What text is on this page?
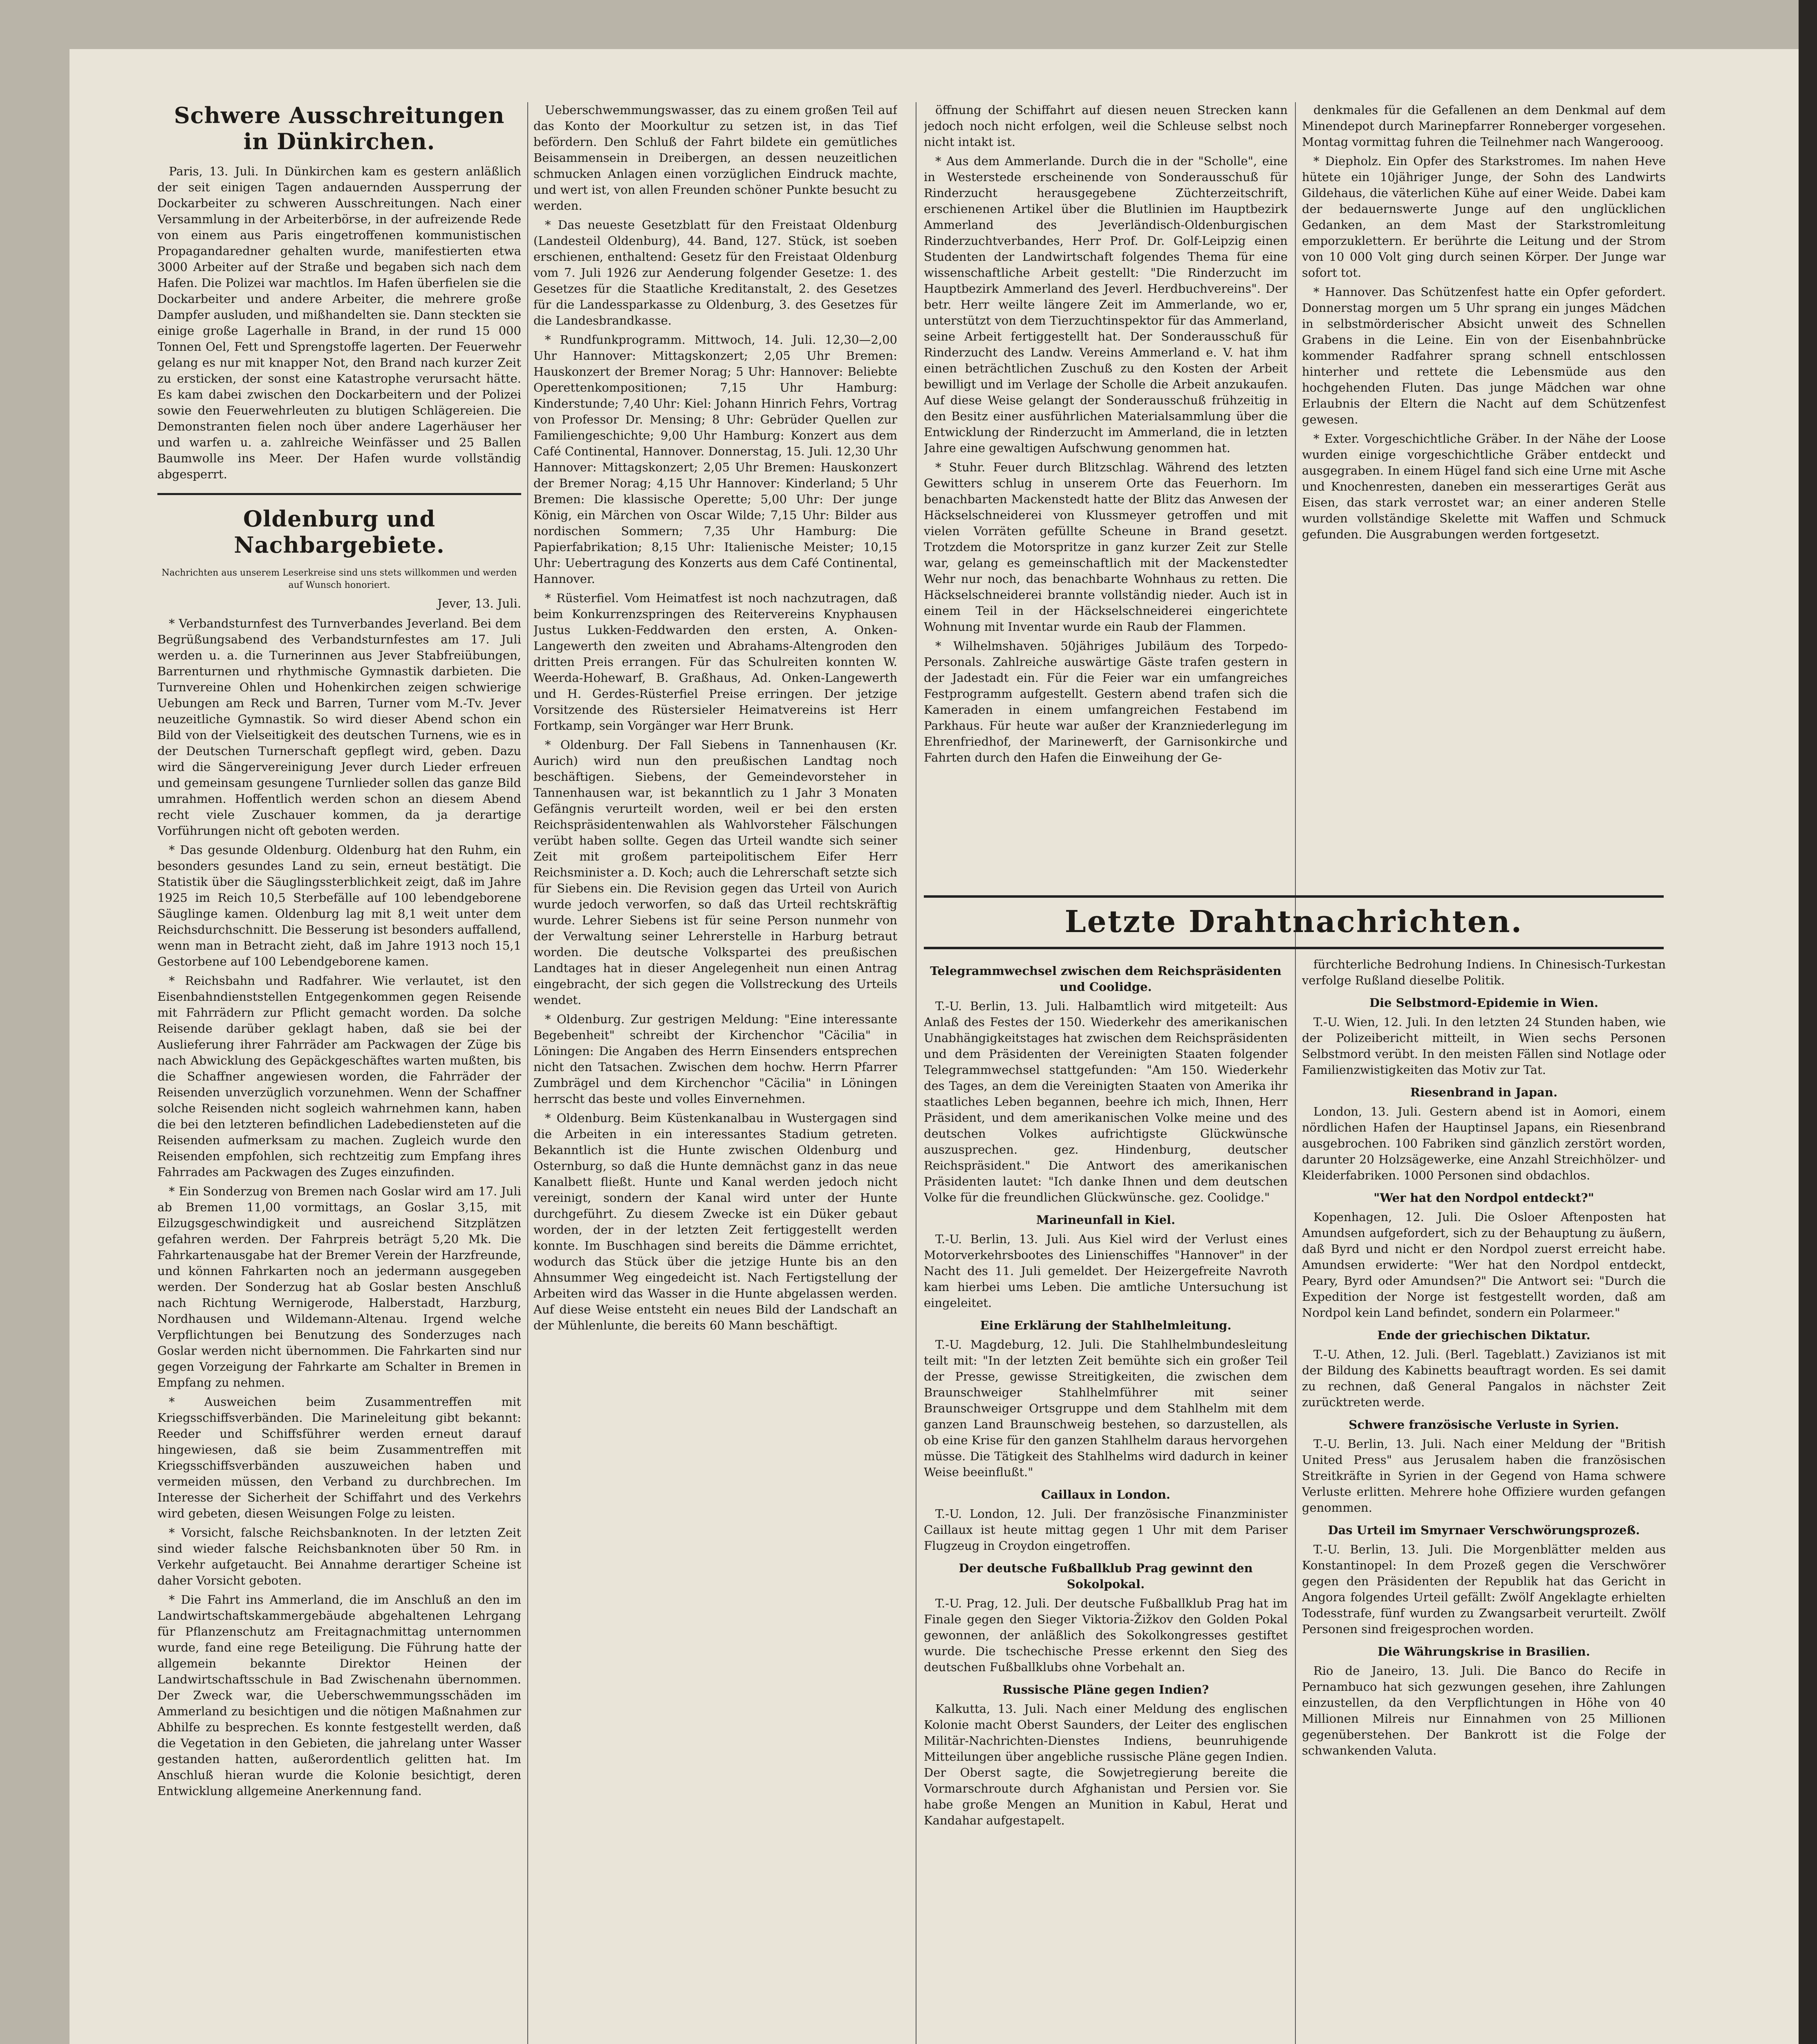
Schwere Ausschreitungen in Dünkirchen.

Paris, 13. Juli. In Dünkirchen kam es gestern anläßlich der seit einigen Tagen andauernden Aussperrung der Dockarbeiter zu schweren Ausschreitungen. Nach einer Versammlung in der Arbeiterbörse, in der aufreizende Rede von einem aus Paris eingetroffenen kommunistischen Propagandaredner gehalten wurde, manifestierten etwa 3000 Arbeiter auf der Straße und begaben sich nach dem Hafen. Die Polizei war machtlos. Im Hafen überfielen sie die Dockarbeiter und andere Arbeiter, die mehrere große Dampfer ausluden, und mißhandelten sie. Dann steckten sie einige große Lagerhalle in Brand, in der rund 15 000 Tonnen Oel, Fett und Sprengstoffe lagerten. Der Feuerwehr gelang es nur mit knapper Not, den Brand nach kurzer Zeit zu ersticken, der sonst eine Katastrophe verursacht hätte. Es kam dabei zwischen den Dockarbeitern und der Polizei sowie den Feuerwehrleuten zu blutigen Schlägereien. Die Demonstranten fielen noch über andere Lagerhäuser her und warfen u. a. zahlreiche Weinfässer und 25 Ballen Baumwolle ins Meer. Der Hafen wurde vollständig abgesperrt.

Oldenburg und Nachbargebiete.
Nachrichten aus unserem Leserkreise sind uns stets willkommen und werden auf Wunsch honoriert.
Jever, 13. Juli.

* Verbandsturnfest des Turnverbandes Jeverland. Bei dem Begrüßungsabend des Verbandsturnfestes am 17. Juli werden u. a. die Turnerinnen aus Jever Stabfreiübungen, Barrenturnen und rhythmische Gymnastik darbieten. Die Turnvereine Ohlen und Hohenkirchen zeigen schwierige Uebungen am Reck und Barren, Turner vom M.-Tv. Jever neuzeitliche Gymnastik. So wird dieser Abend schon ein Bild von der Vielseitigkeit des deutschen Turnens, wie es in der Deutschen Turnerschaft gepflegt wird, geben. Dazu wird die Sängervereinigung Jever durch Lieder erfreuen und gemeinsam gesungene Turnlieder sollen das ganze Bild umrahmen. Hoffentlich werden schon an diesem Abend recht viele Zuschauer kommen, da ja derartige Vorführungen nicht oft geboten werden.

* Das gesunde Oldenburg. Oldenburg hat den Ruhm, ein besonders gesundes Land zu sein, erneut bestätigt. Die Statistik über die Säuglingssterblichkeit zeigt, daß im Jahre 1925 im Reich 10,5 Sterbefälle auf 100 lebendgeborene Säuglinge kamen. Oldenburg lag mit 8,1 weit unter dem Reichsdurchschnitt. Die Besserung ist besonders auffallend, wenn man in Betracht zieht, daß im Jahre 1913 noch 15,1 Gestorbene auf 100 Lebendgeborene kamen.

* Reichsbahn und Radfahrer. Wie verlautet, ist den Eisenbahndienststellen Entgegenkommen gegen Reisende mit Fahrrädern zur Pflicht gemacht worden. Da solche Reisende darüber geklagt haben, daß sie bei der Auslieferung ihrer Fahrräder am Packwagen der Züge bis nach Abwicklung des Gepäckgeschäftes warten mußten, bis die Schaffner angewiesen worden, die Fahrräder der Reisenden unverzüglich vorzunehmen. Wenn der Schaffner solche Reisenden nicht sogleich wahrnehmen kann, haben die bei den letzteren befindlichen Ladebediensteten auf die Reisenden aufmerksam zu machen. Zugleich wurde den Reisenden empfohlen, sich rechtzeitig zum Empfang ihres Fahrrades am Packwagen des Zuges einzufinden.

* Ein Sonderzug von Bremen nach Goslar wird am 17. Juli ab Bremen 11,00 vormittags, an Goslar 3,15, mit Eilzugsgeschwindigkeit und ausreichend Sitzplätzen gefahren werden. Der Fahrpreis beträgt 5,20 Mk. Die Fahrkartenausgabe hat der Bremer Verein der Harzfreunde, und können Fahrkarten noch an jedermann ausgegeben werden. Der Sonderzug hat ab Goslar besten Anschluß nach Richtung Wernigerode, Halberstadt, Harzburg, Nordhausen und Wildemann-Altenau. Irgend welche Verpflichtungen bei Benutzung des Sonderzuges nach Goslar werden nicht übernommen. Die Fahrkarten sind nur gegen Vorzeigung der Fahrkarte am Schalter in Bremen in Empfang zu nehmen.

* Ausweichen beim Zusammentreffen mit Kriegsschiffsverbänden. Die Marineleitung gibt bekannt: Reeder und Schiffsführer werden erneut darauf hingewiesen, daß sie beim Zusammentreffen mit Kriegsschiffsverbänden auszuweichen haben und vermeiden müssen, den Verband zu durchbrechen. Im Interesse der Sicherheit der Schiffahrt und des Verkehrs wird gebeten, diesen Weisungen Folge zu leisten.

* Vorsicht, falsche Reichsbanknoten. In der letzten Zeit sind wieder falsche Reichsbanknoten über 50 Rm. in Verkehr aufgetaucht. Bei Annahme derartiger Scheine ist daher Vorsicht geboten.

* Die Fahrt ins Ammerland, die im Anschluß an den im Landwirtschaftskammergebäude abgehaltenen Lehrgang für Pflanzenschutz am Freitagnachmittag unternommen wurde, fand eine rege Beteiligung. Die Führung hatte der allgemein bekannte Direktor Heinen der Landwirtschaftsschule in Bad Zwischenahn übernommen. Der Zweck war, die Ueberschwemmungsschäden im Ammerland zu besichtigen und die nötigen Maßnahmen zur Abhilfe zu besprechen. Es konnte festgestellt werden, daß die Vegetation in den Gebieten, die jahrelang unter Wasser gestanden hatten, außerordentlich gelitten hat. Im Anschluß hieran wurde die Kolonie besichtigt, deren Entwicklung allgemeine Anerkennung fand.

Ueberschwemmungswasser, das zu einem großen Teil auf das Konto der Moorkultur zu setzen ist, in das Tief befördern. Den Schluß der Fahrt bildete ein gemütliches Beisammensein in Dreibergen, an dessen neuzeitlichen schmucken Anlagen einen vorzüglichen Eindruck machte, und wert ist, von allen Freunden schöner Punkte besucht zu werden.

* Das neueste Gesetzblatt für den Freistaat Oldenburg (Landesteil Oldenburg), 44. Band, 127. Stück, ist soeben erschienen, enthaltend: Gesetz für den Freistaat Oldenburg vom 7. Juli 1926 zur Aenderung folgender Gesetze: 1. des Gesetzes für die Staatliche Kreditanstalt, 2. des Gesetzes für die Landessparkasse zu Oldenburg, 3. des Gesetzes für die Landesbrandkasse.

* Rundfunkprogramm. Mittwoch, 14. Juli. 12,30—2,00 Uhr Hannover: Mittagskonzert; 2,05 Uhr Bremen: Hauskonzert der Bremer Norag; 5 Uhr: Hannover: Beliebte Operettenkompositionen; 7,15 Uhr Hamburg: Kinderstunde; 7,40 Uhr: Kiel: Johann Hinrich Fehrs, Vortrag von Professor Dr. Mensing; 8 Uhr: Gebrüder Quellen zur Familiengeschichte; 9,00 Uhr Hamburg: Konzert aus dem Café Continental, Hannover. Donnerstag, 15. Juli. 12,30 Uhr Hannover: Mittagskonzert; 2,05 Uhr Bremen: Hauskonzert der Bremer Norag; 4,15 Uhr Hannover: Kinderland; 5 Uhr Bremen: Die klassische Operette; 5,00 Uhr: Der junge König, ein Märchen von Oscar Wilde; 7,15 Uhr: Bilder aus nordischen Sommern; 7,35 Uhr Hamburg: Die Papierfabrikation; 8,15 Uhr: Italienische Meister; 10,15 Uhr: Uebertragung des Konzerts aus dem Café Continental, Hannover.

* Rüsterfiel. Vom Heimatfest ist noch nachzutragen, daß beim Konkurrenzspringen des Reitervereins Knyphausen Justus Lukken-Feddwarden den ersten, A. Onken-Langewerth den zweiten und Abrahams-Altengroden den dritten Preis errangen. Für das Schulreiten konnten W. Weerda-Hohewarf, B. Graßhaus, Ad. Onken-Langewerth und H. Gerdes-Rüsterfiel Preise erringen. Der jetzige Vorsitzende des Rüstersieler Heimatvereins ist Herr Fortkamp, sein Vorgänger war Herr Brunk.

* Oldenburg. Der Fall Siebens in Tannenhausen (Kr. Aurich) wird nun den preußischen Landtag noch beschäftigen. Siebens, der Gemeindevorsteher in Tannenhausen war, ist bekanntlich zu 1 Jahr 3 Monaten Gefängnis verurteilt worden, weil er bei den ersten Reichspräsidentenwahlen als Wahlvorsteher Fälschungen verübt haben sollte. Gegen das Urteil wandte sich seiner Zeit mit großem parteipolitischem Eifer Herr Reichsminister a. D. Koch; auch die Lehrerschaft setzte sich für Siebens ein. Die Revision gegen das Urteil von Aurich wurde jedoch verworfen, so daß das Urteil rechtskräftig wurde. Lehrer Siebens ist für seine Person nunmehr von der Verwaltung seiner Lehrerstelle in Harburg betraut worden. Die deutsche Volkspartei des preußischen Landtages hat in dieser Angelegenheit nun einen Antrag eingebracht, der sich gegen die Vollstreckung des Urteils wendet.

* Oldenburg. Zur gestrigen Meldung: "Eine interessante Begebenheit" schreibt der Kirchenchor "Cäcilia" in Löningen: Die Angaben des Herrn Einsenders entsprechen nicht den Tatsachen. Zwischen dem hochw. Herrn Pfarrer Zumbrägel und dem Kirchenchor "Cäcilia" in Löningen herrscht das beste und volles Einvernehmen.

* Oldenburg. Beim Küstenkanalbau in Wustergagen sind die Arbeiten in ein interessantes Stadium getreten. Bekanntlich ist die Hunte zwischen Oldenburg und Osternburg, so daß die Hunte demnächst ganz in das neue Kanalbett fließt. Hunte und Kanal werden jedoch nicht vereinigt, sondern der Kanal wird unter der Hunte durchgeführt. Zu diesem Zwecke ist ein Düker gebaut worden, der in der letzten Zeit fertiggestellt werden konnte. Im Buschhagen sind bereits die Dämme errichtet, wodurch das Stück über die jetzige Hunte bis an den Ahnsummer Weg eingedeicht ist. Nach Fertigstellung der Arbeiten wird das Wasser in die Hunte abgelassen werden. Auf diese Weise entsteht ein neues Bild der Landschaft an der Mühlenlunte, die bereits 60 Mann beschäftigt.

öffnung der Schiffahrt auf diesen neuen Strecken kann jedoch noch nicht erfolgen, weil die Schleuse selbst noch nicht intakt ist.

* Aus dem Ammerlande. Durch die in der "Scholle", eine in Westerstede erscheinende von Sonderausschuß für Rinderzucht herausgegebene Züchterzeitschrift, erschienenen Artikel über die Blutlinien im Hauptbezirk Ammerland des Jeverländisch-Oldenburgischen Rinderzuchtverbandes, Herr Prof. Dr. Golf-Leipzig einen Studenten der Landwirtschaft folgendes Thema für eine wissenschaftliche Arbeit gestellt: "Die Rinderzucht im Hauptbezirk Ammerland des Jeverl. Herdbuchvereins". Der betr. Herr weilte längere Zeit im Ammerlande, wo er, unterstützt von dem Tierzuchtinspektor für das Ammerland, seine Arbeit fertiggestellt hat. Der Sonderausschuß für Rinderzucht des Landw. Vereins Ammerland e. V. hat ihm einen beträchtlichen Zuschuß zu den Kosten der Arbeit bewilligt und im Verlage der Scholle die Arbeit anzukaufen. Auf diese Weise gelangt der Sonderausschuß frühzeitig in den Besitz einer ausführlichen Materialsammlung über die Entwicklung der Rinderzucht im Ammerland, die in letzten Jahre eine gewaltigen Aufschwung genommen hat.

* Stuhr. Feuer durch Blitzschlag. Während des letzten Gewitters schlug in unserem Orte das Feuerhorn. Im benachbarten Mackenstedt hatte der Blitz das Anwesen der Häckselschneiderei von Klussmeyer getroffen und mit vielen Vorräten gefüllte Scheune in Brand gesetzt. Trotzdem die Motorspritze in ganz kurzer Zeit zur Stelle war, gelang es gemeinschaftlich mit der Mackenstedter Wehr nur noch, das benachbarte Wohnhaus zu retten. Die Häckselschneiderei brannte vollständig nieder. Auch ist in einem Teil in der Häckselschneiderei eingerichtete Wohnung mit Inventar wurde ein Raub der Flammen.

* Wilhelmshaven. 50jähriges Jubiläum des Torpedo-Personals. Zahlreiche auswärtige Gäste trafen gestern in der Jadestadt ein. Für die Feier war ein umfangreiches Festprogramm aufgestellt. Gestern abend trafen sich die Kameraden in einem umfangreichen Festabend im Parkhaus. Für heute war außer der Kranzniederlegung im Ehrenfriedhof, der Marinewerft, der Garnisonkirche und Fahrten durch den Hafen die Einweihung der Ge-

denkmales für die Gefallenen an dem Denkmal auf dem Minendepot durch Marinepfarrer Ronneberger vorgesehen. Montag vormittag fuhren die Teilnehmer nach Wangerooog.

* Diepholz. Ein Opfer des Starkstromes. Im nahen Heve hütete ein 10jähriger Junge, der Sohn des Landwirts Gildehaus, die väterlichen Kühe auf einer Weide. Dabei kam der bedauernswerte Junge auf den unglücklichen Gedanken, an dem Mast der Starkstromleitung emporzuklettern. Er berührte die Leitung und der Strom von 10 000 Volt ging durch seinen Körper. Der Junge war sofort tot.

* Hannover. Das Schützenfest hatte ein Opfer gefordert. Donnerstag morgen um 5 Uhr sprang ein junges Mädchen in selbstmörderischer Absicht unweit des Schnellen Grabens in die Leine. Ein von der Eisenbahnbrücke kommender Radfahrer sprang schnell entschlossen hinterher und rettete die Lebensmüde aus den hochgehenden Fluten. Das junge Mädchen war ohne Erlaubnis der Eltern die Nacht auf dem Schützenfest gewesen.

* Exter. Vorgeschichtliche Gräber. In der Nähe der Loose wurden einige vorgeschichtliche Gräber entdeckt und ausgegraben. In einem Hügel fand sich eine Urne mit Asche und Knochenresten, daneben ein messerartiges Gerät aus Eisen, das stark verrostet war; an einer anderen Stelle wurden vollständige Skelette mit Waffen und Schmuck gefunden. Die Ausgrabungen werden fortgesetzt.

Letzte Drahtnachrichten.
Telegrammwechsel zwischen dem Reichspräsidenten und Coolidge.

T.-U. Berlin, 13. Juli. Halbamtlich wird mitgeteilt: Aus Anlaß des Festes der 150. Wiederkehr des amerikanischen Unabhängigkeitstages hat zwischen dem Reichspräsidenten und dem Präsidenten der Vereinigten Staaten folgender Telegrammwechsel stattgefunden: "Am 150. Wiederkehr des Tages, an dem die Vereinigten Staaten von Amerika ihr staatliches Leben begannen, beehre ich mich, Ihnen, Herr Präsident, und dem amerikanischen Volke meine und des deutschen Volkes aufrichtigste Glückwünsche auszusprechen. gez. Hindenburg, deutscher Reichspräsident." Die Antwort des amerikanischen Präsidenten lautet: "Ich danke Ihnen und dem deutschen Volke für die freundlichen Glückwünsche. gez. Coolidge."

Marineunfall in Kiel.

T.-U. Berlin, 13. Juli. Aus Kiel wird der Verlust eines Motorverkehrsbootes des Linienschiffes "Hannover" in der Nacht des 11. Juli gemeldet. Der Heizergefreite Navroth kam hierbei ums Leben. Die amtliche Untersuchung ist eingeleitet.

Eine Erklärung der Stahlhelmleitung.

T.-U. Magdeburg, 12. Juli. Die Stahlhelmbundesleitung teilt mit: "In der letzten Zeit bemühte sich ein großer Teil der Presse, gewisse Streitigkeiten, die zwischen dem Braunschweiger Stahlhelmführer mit seiner Braunschweiger Ortsgruppe und dem Stahlhelm mit dem ganzen Land Braunschweig bestehen, so darzustellen, als ob eine Krise für den ganzen Stahlhelm daraus hervorgehen müsse. Die Tätigkeit des Stahlhelms wird dadurch in keiner Weise beeinflußt."

Caillaux in London.

T.-U. London, 12. Juli. Der französische Finanzminister Caillaux ist heute mittag gegen 1 Uhr mit dem Pariser Flugzeug in Croydon eingetroffen.

Der deutsche Fußballklub Prag gewinnt den Sokolpokal.

T.-U. Prag, 12. Juli. Der deutsche Fußballklub Prag hat im Finale gegen den Sieger Viktoria-Žižkov den Golden Pokal gewonnen, der anläßlich des Sokolkongresses gestiftet wurde. Die tschechische Presse erkennt den Sieg des deutschen Fußballklubs ohne Vorbehalt an.

Russische Pläne gegen Indien?

Kalkutta, 13. Juli. Nach einer Meldung des englischen Kolonie macht Oberst Saunders, der Leiter des englischen Militär-Nachrichten-Dienstes Indiens, beunruhigende Mitteilungen über angebliche russische Pläne gegen Indien. Der Oberst sagte, die Sowjetregierung bereite die Vormarschroute durch Afghanistan und Persien vor. Sie habe große Mengen an Munition in Kabul, Herat und Kandahar aufgestapelt.

fürchterliche Bedrohung Indiens. In Chinesisch-Turkestan verfolge Rußland dieselbe Politik.

Die Selbstmord-Epidemie in Wien.

T.-U. Wien, 12. Juli. In den letzten 24 Stunden haben, wie der Polizeibericht mitteilt, in Wien sechs Personen Selbstmord verübt. In den meisten Fällen sind Notlage oder Familienzwistigkeiten das Motiv zur Tat.

Riesenbrand in Japan.

London, 13. Juli. Gestern abend ist in Aomori, einem nördlichen Hafen der Hauptinsel Japans, ein Riesenbrand ausgebrochen. 100 Fabriken sind gänzlich zerstört worden, darunter 20 Holzsägewerke, eine Anzahl Streichhölzer- und Kleiderfabriken. 1000 Personen sind obdachlos.

"Wer hat den Nordpol entdeckt?"

Kopenhagen, 12. Juli. Die Osloer Aftenposten hat Amundsen aufgefordert, sich zu der Behauptung zu äußern, daß Byrd und nicht er den Nordpol zuerst erreicht habe. Amundsen erwiderte: "Wer hat den Nordpol entdeckt, Peary, Byrd oder Amundsen?" Die Antwort sei: "Durch die Expedition der Norge ist festgestellt worden, daß am Nordpol kein Land befindet, sondern ein Polarmeer."

Ende der griechischen Diktatur.

T.-U. Athen, 12. Juli. (Berl. Tageblatt.) Zavizianos ist mit der Bildung des Kabinetts beauftragt worden. Es sei damit zu rechnen, daß General Pangalos in nächster Zeit zurücktreten werde.

Schwere französische Verluste in Syrien.

T.-U. Berlin, 13. Juli. Nach einer Meldung der "British United Press" aus Jerusalem haben die französischen Streitkräfte in Syrien in der Gegend von Hama schwere Verluste erlitten. Mehrere hohe Offiziere wurden gefangen genommen.

Das Urteil im Smyrnaer Verschwörungsprozeß.

T.-U. Berlin, 13. Juli. Die Morgenblätter melden aus Konstantinopel: In dem Prozeß gegen die Verschwörer gegen den Präsidenten der Republik hat das Gericht in Angora folgendes Urteil gefällt: Zwölf Angeklagte erhielten Todesstrafe, fünf wurden zu Zwangsarbeit verurteilt. Zwölf Personen sind freigesprochen worden.

Die Währungskrise in Brasilien.

Rio de Janeiro, 13. Juli. Die Banco do Recife in Pernambuco hat sich gezwungen gesehen, ihre Zahlungen einzustellen, da den Verpflichtungen in Höhe von 40 Millionen Milreis nur Einnahmen von 25 Millionen gegenüberstehen. Der Bankrott ist die Folge der schwankenden Valuta.
